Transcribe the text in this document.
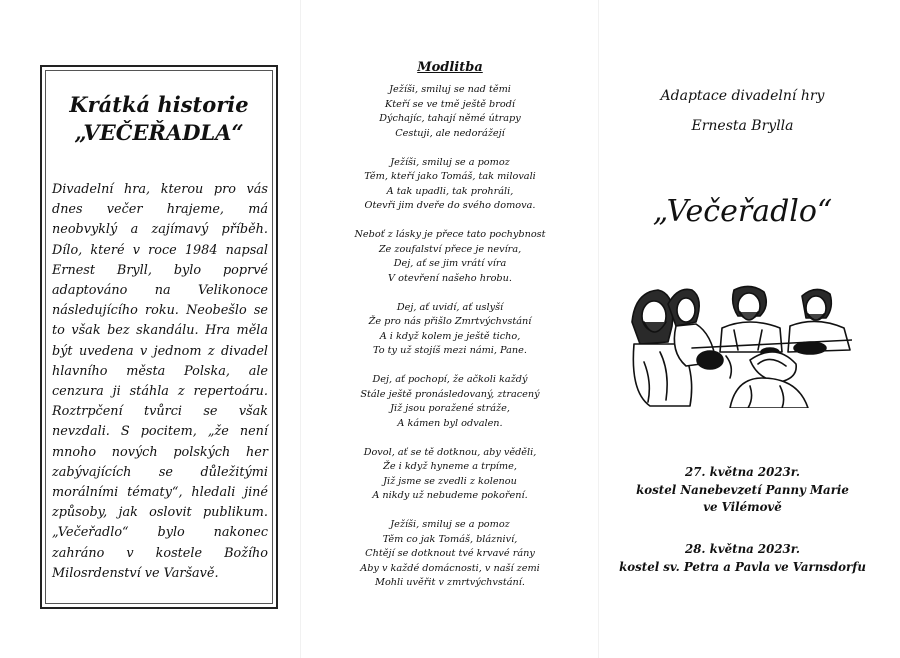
Krátká historie
„VEČEŘADLA“

Divadelní hra, kterou pro vás dnes večer hrajeme, má neobvyklý a zajímavý příběh. Dílo, které v roce 1984 napsal Ernest Bryll, bylo poprvé adaptováno na Velikonoce následujícího roku. Neobešlo se to však bez skandálu. Hra měla být uvedena v jednom z divadel hlavního města Polska, ale cenzura ji stáhla z repertoáru. Roztrpčení tvůrci se však nevzdali. S pocitem, „že není mnoho nových polských her zabývajících se důležitými morálními tématy“, hledali jiné způsoby, jak oslovit publikum. „Večeřadlo“ bylo nakonec zahráno v kostele Božího Milosrdenství ve Varšavě.

Modlitba
Ježíši, smiluj se nad těmi
Kteří se ve tmě ještě brodí
Dýchajíc, tahají němé útrapy
Cestuji, ale nedorážejí
Ježíši, smiluj se a pomoz
Těm, kteří jako Tomáš, tak milovali
A tak upadli, tak prohráli,
Otevři jim dveře do svého domova.
Neboť z lásky je přece tato pochybnost
Ze zoufalství přece je nevíra,
Dej, ať se jim vrátí víra
V otevření našeho hrobu.
Dej, ať uvidí, ať uslyší
Že pro nás přišlo Zmrtvýchvstání
A i když kolem je ještě ticho,
To ty už stojíš mezi námi, Pane.
Dej, ať pochopí, že ačkoli každý
Stále ještě pronásledovaný, ztracený
Již jsou poražené stráže,
A kámen byl odvalen.
Dovol, ať se tě dotknou, aby věděli,
Že i když hyneme a trpíme,
Již jsme se zvedli z kolenou
A nikdy už nebudeme pokoření.
Ježíši, smiluj se a pomoz
Těm co jak Tomáš, blázniví,
Chtějí se dotknout tvé krvavé rány
Aby v každé domácnosti, v naší zemi
Mohli uvěřit v zmrtvýchvstání.
Adaptace divadelní hry
Ernesta Brylla
„Večeřadlo“
27. května 2023r.
kostel Nanebevzetí Panny Marie
ve Vilémově
28. května 2023r.
kostel sv. Petra a Pavla ve Varnsdorfu
